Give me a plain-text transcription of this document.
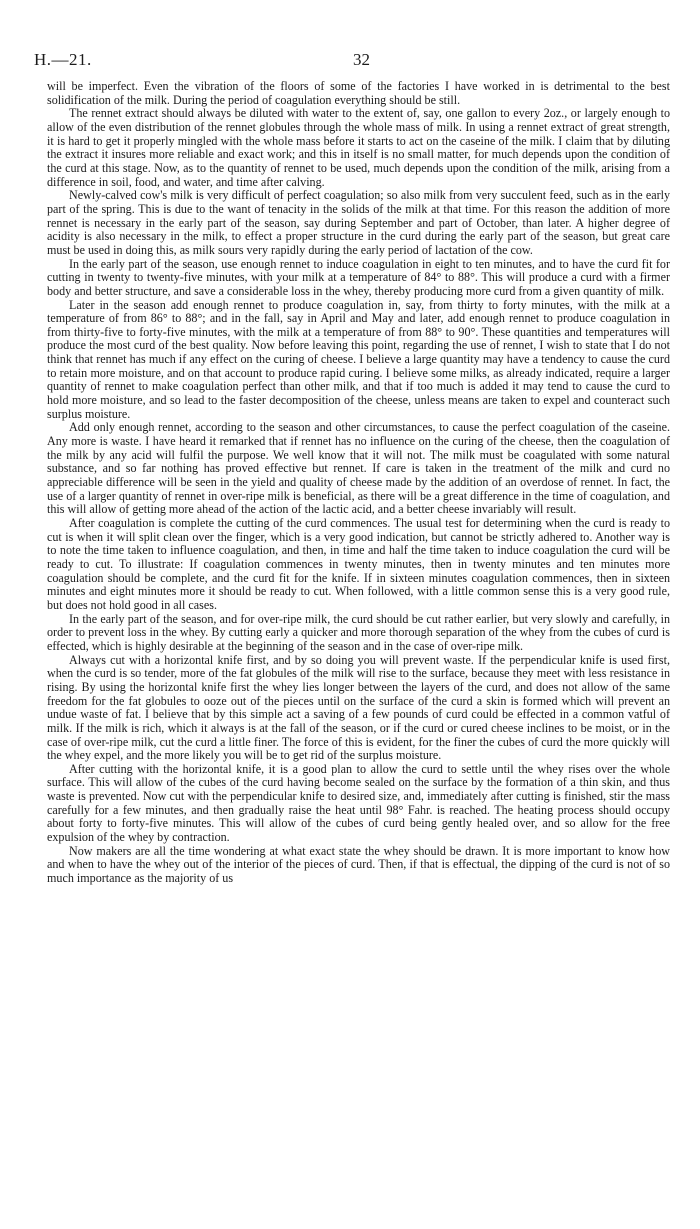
H.—21.	32

will be imperfect. Even the vibration of the floors of some of the factories I have worked in is detrimental to the best solidification of the milk. During the period of coagulation everything should be still.

The rennet extract should always be diluted with water to the extent of, say, one gallon to every 2oz., or largely enough to allow of the even distribution of the rennet globules through the whole mass of milk. In using a rennet extract of great strength, it is hard to get it properly mingled with the whole mass before it starts to act on the caseine of the milk. I claim that by diluting the extract it insures more reliable and exact work; and this in itself is no small matter, for much depends upon the condition of the curd at this stage. Now, as to the quantity of rennet to be used, much depends upon the condition of the milk, arising from a difference in soil, food, and water, and time after calving.

Newly-calved cow's milk is very difficult of perfect coagulation; so also milk from very succulent feed, such as in the early part of the spring. This is due to the want of tenacity in the solids of the milk at that time. For this reason the addition of more rennet is necessary in the early part of the season, say during September and part of October, than later. A higher degree of acidity is also necessary in the milk, to effect a proper structure in the curd during the early part of the season, but great care must be used in doing this, as milk sours very rapidly during the early period of lactation of the cow.

In the early part of the season, use enough rennet to induce coagulation in eight to ten minutes, and to have the curd fit for cutting in twenty to twenty-five minutes, with your milk at a temperature of 84° to 88°. This will produce a curd with a firmer body and better structure, and save a considerable loss in the whey, thereby producing more curd from a given quantity of milk.

Later in the season add enough rennet to produce coagulation in, say, from thirty to forty minutes, with the milk at a temperature of from 86° to 88°; and in the fall, say in April and May and later, add enough rennet to produce coagulation in from thirty-five to forty-five minutes, with the milk at a temperature of from 88° to 90°. These quantities and temperatures will produce the most curd of the best quality. Now before leaving this point, regarding the use of rennet, I wish to state that I do not think that rennet has much if any effect on the curing of cheese. I believe a large quantity may have a tendency to cause the curd to retain more moisture, and on that account to produce rapid curing. I believe some milks, as already indicated, require a larger quantity of rennet to make coagulation perfect than other milk, and that if too much is added it may tend to cause the curd to hold more moisture, and so lead to the faster decomposition of the cheese, unless means are taken to expel and counteract such surplus moisture.

Add only enough rennet, according to the season and other circumstances, to cause the perfect coagulation of the caseine. Any more is waste. I have heard it remarked that if rennet has no influence on the curing of the cheese, then the coagulation of the milk by any acid will fulfil the purpose. We well know that it will not. The milk must be coagulated with some natural substance, and so far nothing has proved effective but rennet. If care is taken in the treatment of the milk and curd no appreciable difference will be seen in the yield and quality of cheese made by the addition of an overdose of rennet. In fact, the use of a larger quantity of rennet in over-ripe milk is beneficial, as there will be a great difference in the time of coagulation, and this will allow of getting more ahead of the action of the lactic acid, and a better cheese invariably will result.

After coagulation is complete the cutting of the curd commences. The usual test for determining when the curd is ready to cut is when it will split clean over the finger, which is a very good indication, but cannot be strictly adhered to. Another way is to note the time taken to influence coagulation, and then, in time and half the time taken to induce coagulation the curd will be ready to cut. To illustrate: If coagulation commences in twenty minutes, then in twenty minutes and ten minutes more coagulation should be complete, and the curd fit for the knife. If in sixteen minutes coagulation commences, then in sixteen minutes and eight minutes more it should be ready to cut. When followed, with a little common sense this is a very good rule, but does not hold good in all cases.

In the early part of the season, and for over-ripe milk, the curd should be cut rather earlier, but very slowly and carefully, in order to prevent loss in the whey. By cutting early a quicker and more thorough separation of the whey from the cubes of curd is effected, which is highly desirable at the beginning of the season and in the case of over-ripe milk.

Always cut with a horizontal knife first, and by so doing you will prevent waste. If the perpendicular knife is used first, when the curd is so tender, more of the fat globules of the milk will rise to the surface, because they meet with less resistance in rising. By using the horizontal knife first the whey lies longer between the layers of the curd, and does not allow of the same freedom for the fat globules to ooze out of the pieces until on the surface of the curd a skin is formed which will prevent an undue waste of fat. I believe that by this simple act a saving of a few pounds of curd could be effected in a common vatful of milk. If the milk is rich, which it always is at the fall of the season, or if the curd or cured cheese inclines to be moist, or in the case of over-ripe milk, cut the curd a little finer. The force of this is evident, for the finer the cubes of curd the more quickly will the whey expel, and the more likely you will be to get rid of the surplus moisture.

After cutting with the horizontal knife, it is a good plan to allow the curd to settle until the whey rises over the whole surface. This will allow of the cubes of the curd having become sealed on the surface by the formation of a thin skin, and thus waste is prevented. Now cut with the perpendicular knife to desired size, and, immediately after cutting is finished, stir the mass carefully for a few minutes, and then gradually raise the heat until 98° Fahr. is reached. The heating process should occupy about forty to forty-five minutes. This will allow of the cubes of curd being gently healed over, and so allow for the free expulsion of the whey by contraction.

Now makers are all the time wondering at what exact state the whey should be drawn. It is more important to know how and when to have the whey out of the interior of the pieces of curd. Then, if that is effectual, the dipping of the curd is not of so much importance as the majority of us
